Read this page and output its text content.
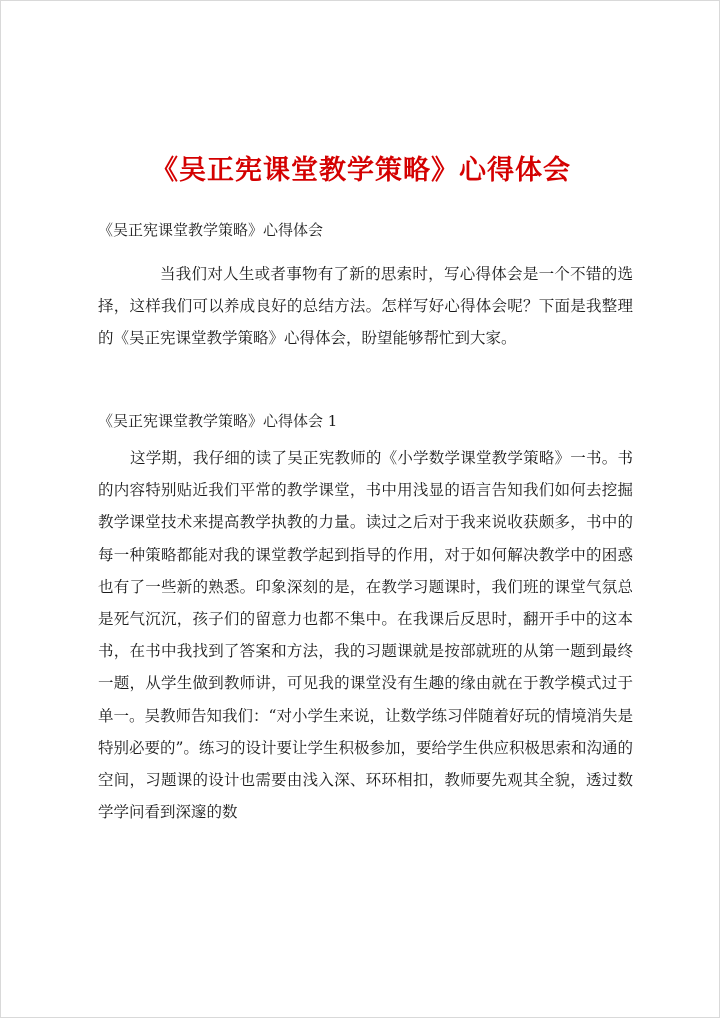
《吴正宪课堂教学策略》心得体会
《吴正宪课堂教学策略》心得体会

当我们对人生或者事物有了新的思索时，写心得体会是一个不错的选择，这样我们可以养成良好的总结方法。怎样写好心得体会呢？下面是我整理的《吴正宪课堂教学策略》心得体会，盼望能够帮忙到大家。

《吴正宪课堂教学策略》心得体会 1

这学期，我仔细的读了吴正宪教师的《小学数学课堂教学策略》一书。书的内容特别贴近我们平常的教学课堂，书中用浅显的语言告知我们如何去挖掘教学课堂技术来提高教学执教的力量。读过之后对于我来说收获颇多，书中的每一种策略都能对我的课堂教学起到指导的作用，对于如何解决教学中的困惑也有了一些新的熟悉。印象深刻的是，在教学习题课时，我们班的课堂气氛总是死气沉沉，孩子们的留意力也都不集中。在我课后反思时，翻开手中的这本书，在书中我找到了答案和方法，我的习题课就是按部就班的从第一题到最终一题，从学生做到教师讲，可见我的课堂没有生趣的缘由就在于教学模式过于单一。吴教师告知我们：“对小学生来说，让数学练习伴随着好玩的情境消失是特别必要的”。练习的设计要让学生积极参加，要给学生供应积极思索和沟通的空间，习题课的设计也需要由浅入深、环环相扣，教师要先观其全貌，透过数学学问看到深邃的数
